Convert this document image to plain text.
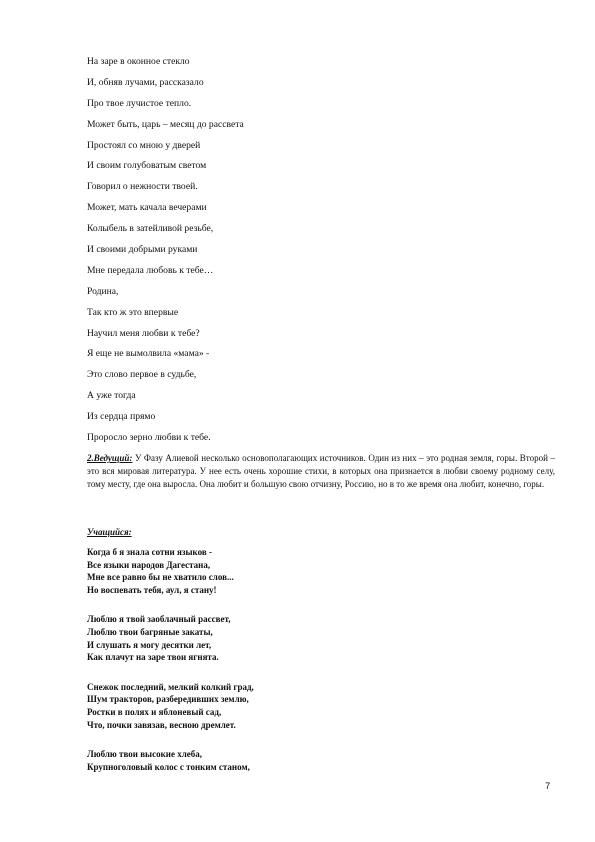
На заре в оконное стекло
И, обняв лучами, рассказало
Про твое лучистое тепло.
Может быть, царь – месяц до рассвета
Простоял со мною у дверей
И своим голубоватым светом
Говорил о нежности твоей.
Может, мать качала вечерами
Колыбель в затейливой резьбе,
И своими добрыми руками
Мне передала любовь к тебе…
Родина,
Так кто ж это впервые
Научил меня любви к тебе?
Я еще не вымолвила «мама» -
Это слово первое в судьбе,
А уже тогда
Из сердца прямо
Проросло зерно любви к тебе.

2.Ведущий: У Фазу Алиевой несколько основополагающих источников. Один из них – это родная земля, горы. Второй – это вся мировая литература. У нее есть очень хорошие стихи, в которых она признается в любви своему родному селу, тому месту, где она выросла. Она любит и большую свою отчизну, Россию, но в то же время она любит, конечно, горы.

Учащийся:
Когда б я знала сотни языков -
Все языки народов Дагестана,
Мне все равно бы не хватило слов...
Но воспевать тебя, аул, я стану!
Люблю я твой заоблачный рассвет,
Люблю твои багряные закаты,
И слушать я могу десятки лет,
Как плачут на заре твои ягнята.
Снежок последний, мелкий колкий град,
Шум тракторов, разбередивших землю,
Ростки в полях и яблоневый сад,
Что, почки завязав, весною дремлет.
Люблю твои высокие хлеба,
Крупноголовый колос с тонким станом,
7
